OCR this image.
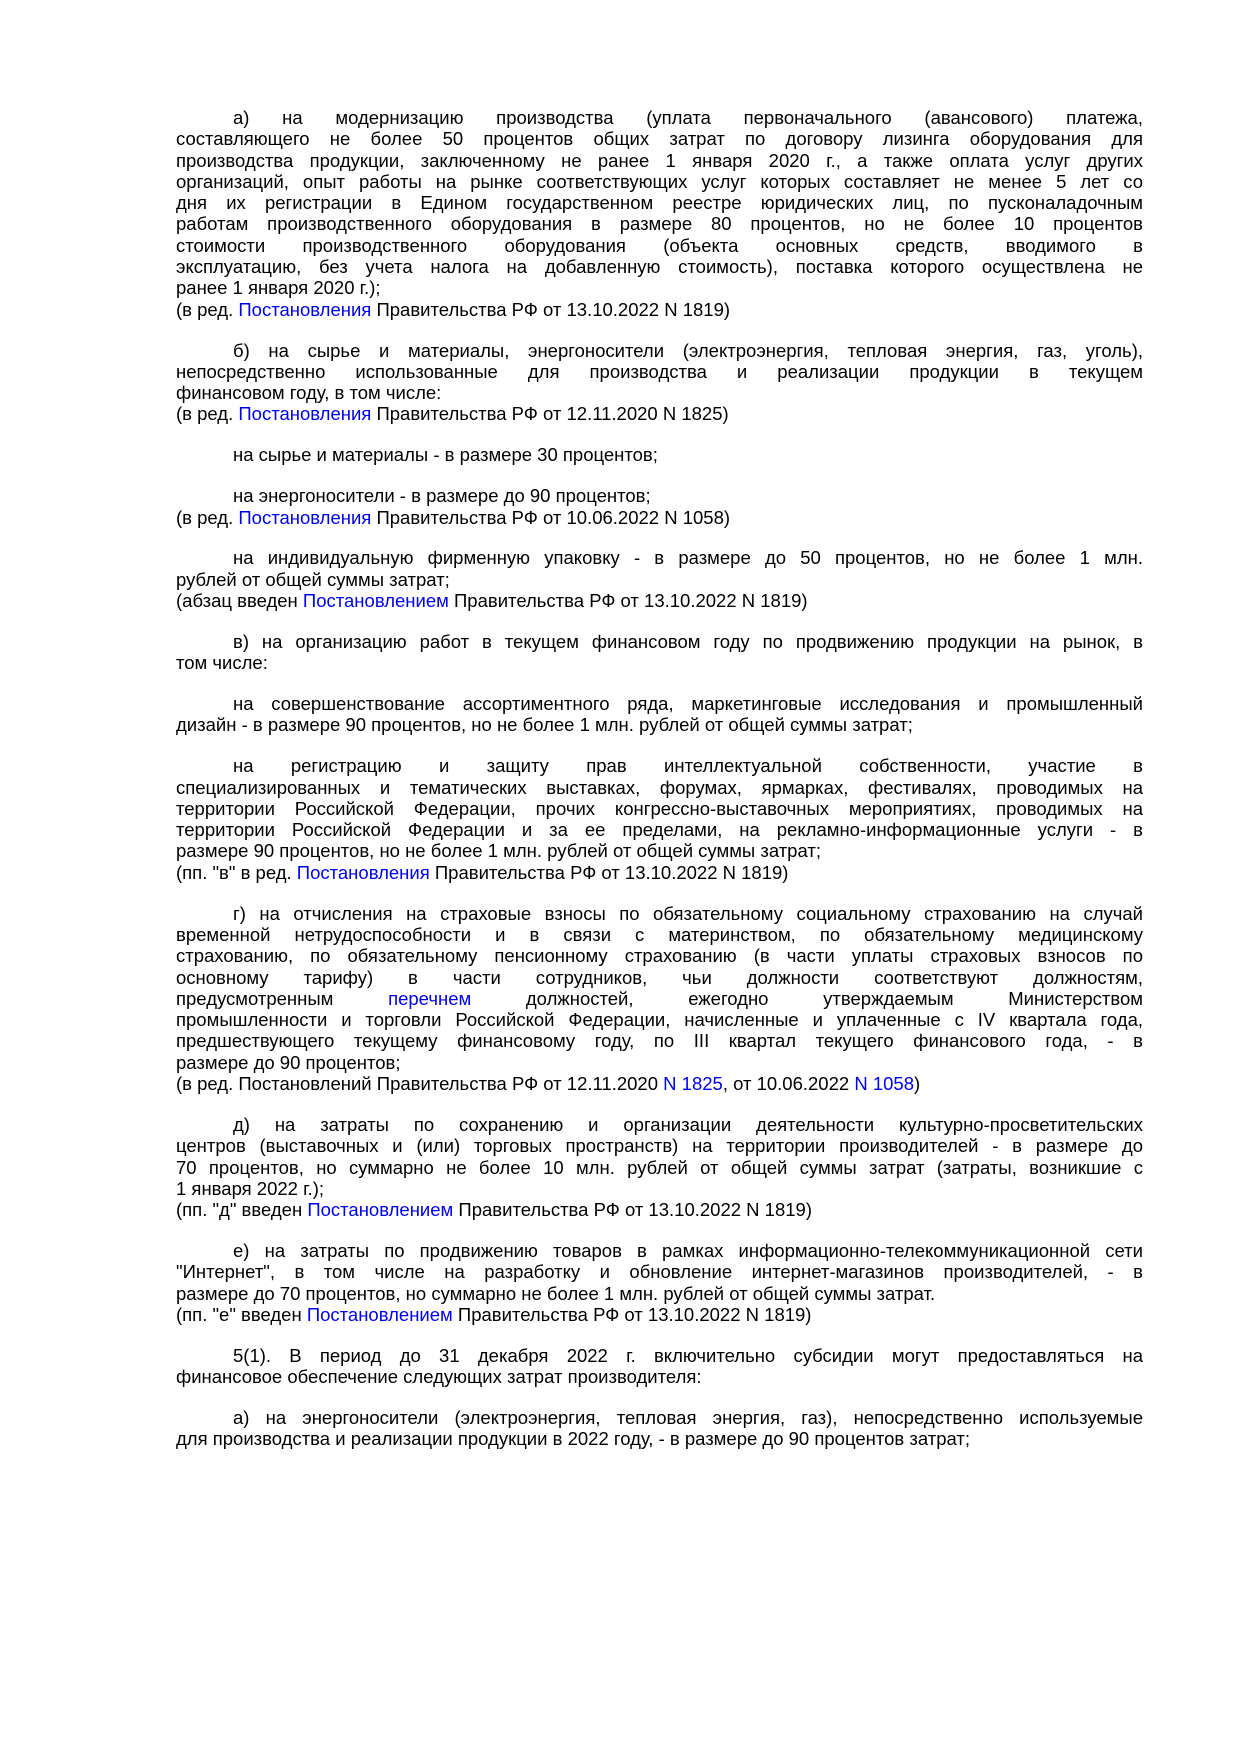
а) на модернизацию производства (уплата первоначального (авансового) платежа,
составляющего не более 50 процентов общих затрат по договору лизинга оборудования для
производства продукции, заключенному не ранее 1 января 2020 г., а также оплата услуг других
организаций, опыт работы на рынке соответствующих услуг которых составляет не менее 5 лет со
дня их регистрации в Едином государственном реестре юридических лиц, по пусконаладочным
работам производственного оборудования в размере 80 процентов, но не более 10 процентов
стоимости производственного оборудования (объекта основных средств, вводимого в
эксплуатацию, без учета налога на добавленную стоимость), поставка которого осуществлена не
ранее 1 января 2020 г.);
(в ред. Постановления Правительства РФ от 13.10.2022 N 1819)
б) на сырье и материалы, энергоносители (электроэнергия, тепловая энергия, газ, уголь),
непосредственно использованные для производства и реализации продукции в текущем
финансовом году, в том числе:
(в ред. Постановления Правительства РФ от 12.11.2020 N 1825)
на сырье и материалы - в размере 30 процентов;
на энергоносители - в размере до 90 процентов;
(в ред. Постановления Правительства РФ от 10.06.2022 N 1058)
на индивидуальную фирменную упаковку - в размере до 50 процентов, но не более 1 млн.
рублей от общей суммы затрат;
(абзац введен Постановлением Правительства РФ от 13.10.2022 N 1819)
в) на организацию работ в текущем финансовом году по продвижению продукции на рынок, в
том числе:
на совершенствование ассортиментного ряда, маркетинговые исследования и промышленный
дизайн - в размере 90 процентов, но не более 1 млн. рублей от общей суммы затрат;
на регистрацию и защиту прав интеллектуальной собственности, участие в
специализированных и тематических выставках, форумах, ярмарках, фестивалях, проводимых на
территории Российской Федерации, прочих конгрессно-выставочных мероприятиях, проводимых на
территории Российской Федерации и за ее пределами, на рекламно-информационные услуги - в
размере 90 процентов, но не более 1 млн. рублей от общей суммы затрат;
(пп. "в" в ред. Постановления Правительства РФ от 13.10.2022 N 1819)
г) на отчисления на страховые взносы по обязательному социальному страхованию на случай
временной нетрудоспособности и в связи с материнством, по обязательному медицинскому
страхованию, по обязательному пенсионному страхованию (в части уплаты страховых взносов по
основному тарифу) в части сотрудников, чьи должности соответствуют должностям,
предусмотренным перечнем должностей, ежегодно утверждаемым Министерством
промышленности и торговли Российской Федерации, начисленные и уплаченные с IV квартала года,
предшествующего текущему финансовому году, по III квартал текущего финансового года, - в
размере до 90 процентов;
(в ред. Постановлений Правительства РФ от 12.11.2020 N 1825, от 10.06.2022 N 1058)
д) на затраты по сохранению и организации деятельности культурно-просветительских
центров (выставочных и (или) торговых пространств) на территории производителей - в размере до
70 процентов, но суммарно не более 10 млн. рублей от общей суммы затрат (затраты, возникшие с
1 января 2022 г.);
(пп. "д" введен Постановлением Правительства РФ от 13.10.2022 N 1819)
е) на затраты по продвижению товаров в рамках информационно-телекоммуникационной сети
"Интернет", в том числе на разработку и обновление интернет-магазинов производителей, - в
размере до 70 процентов, но суммарно не более 1 млн. рублей от общей суммы затрат.
(пп. "е" введен Постановлением Правительства РФ от 13.10.2022 N 1819)
5(1). В период до 31 декабря 2022 г. включительно субсидии могут предоставляться на
финансовое обеспечение следующих затрат производителя:
а) на энергоносители (электроэнергия, тепловая энергия, газ), непосредственно используемые
для производства и реализации продукции в 2022 году, - в размере до 90 процентов затрат;
